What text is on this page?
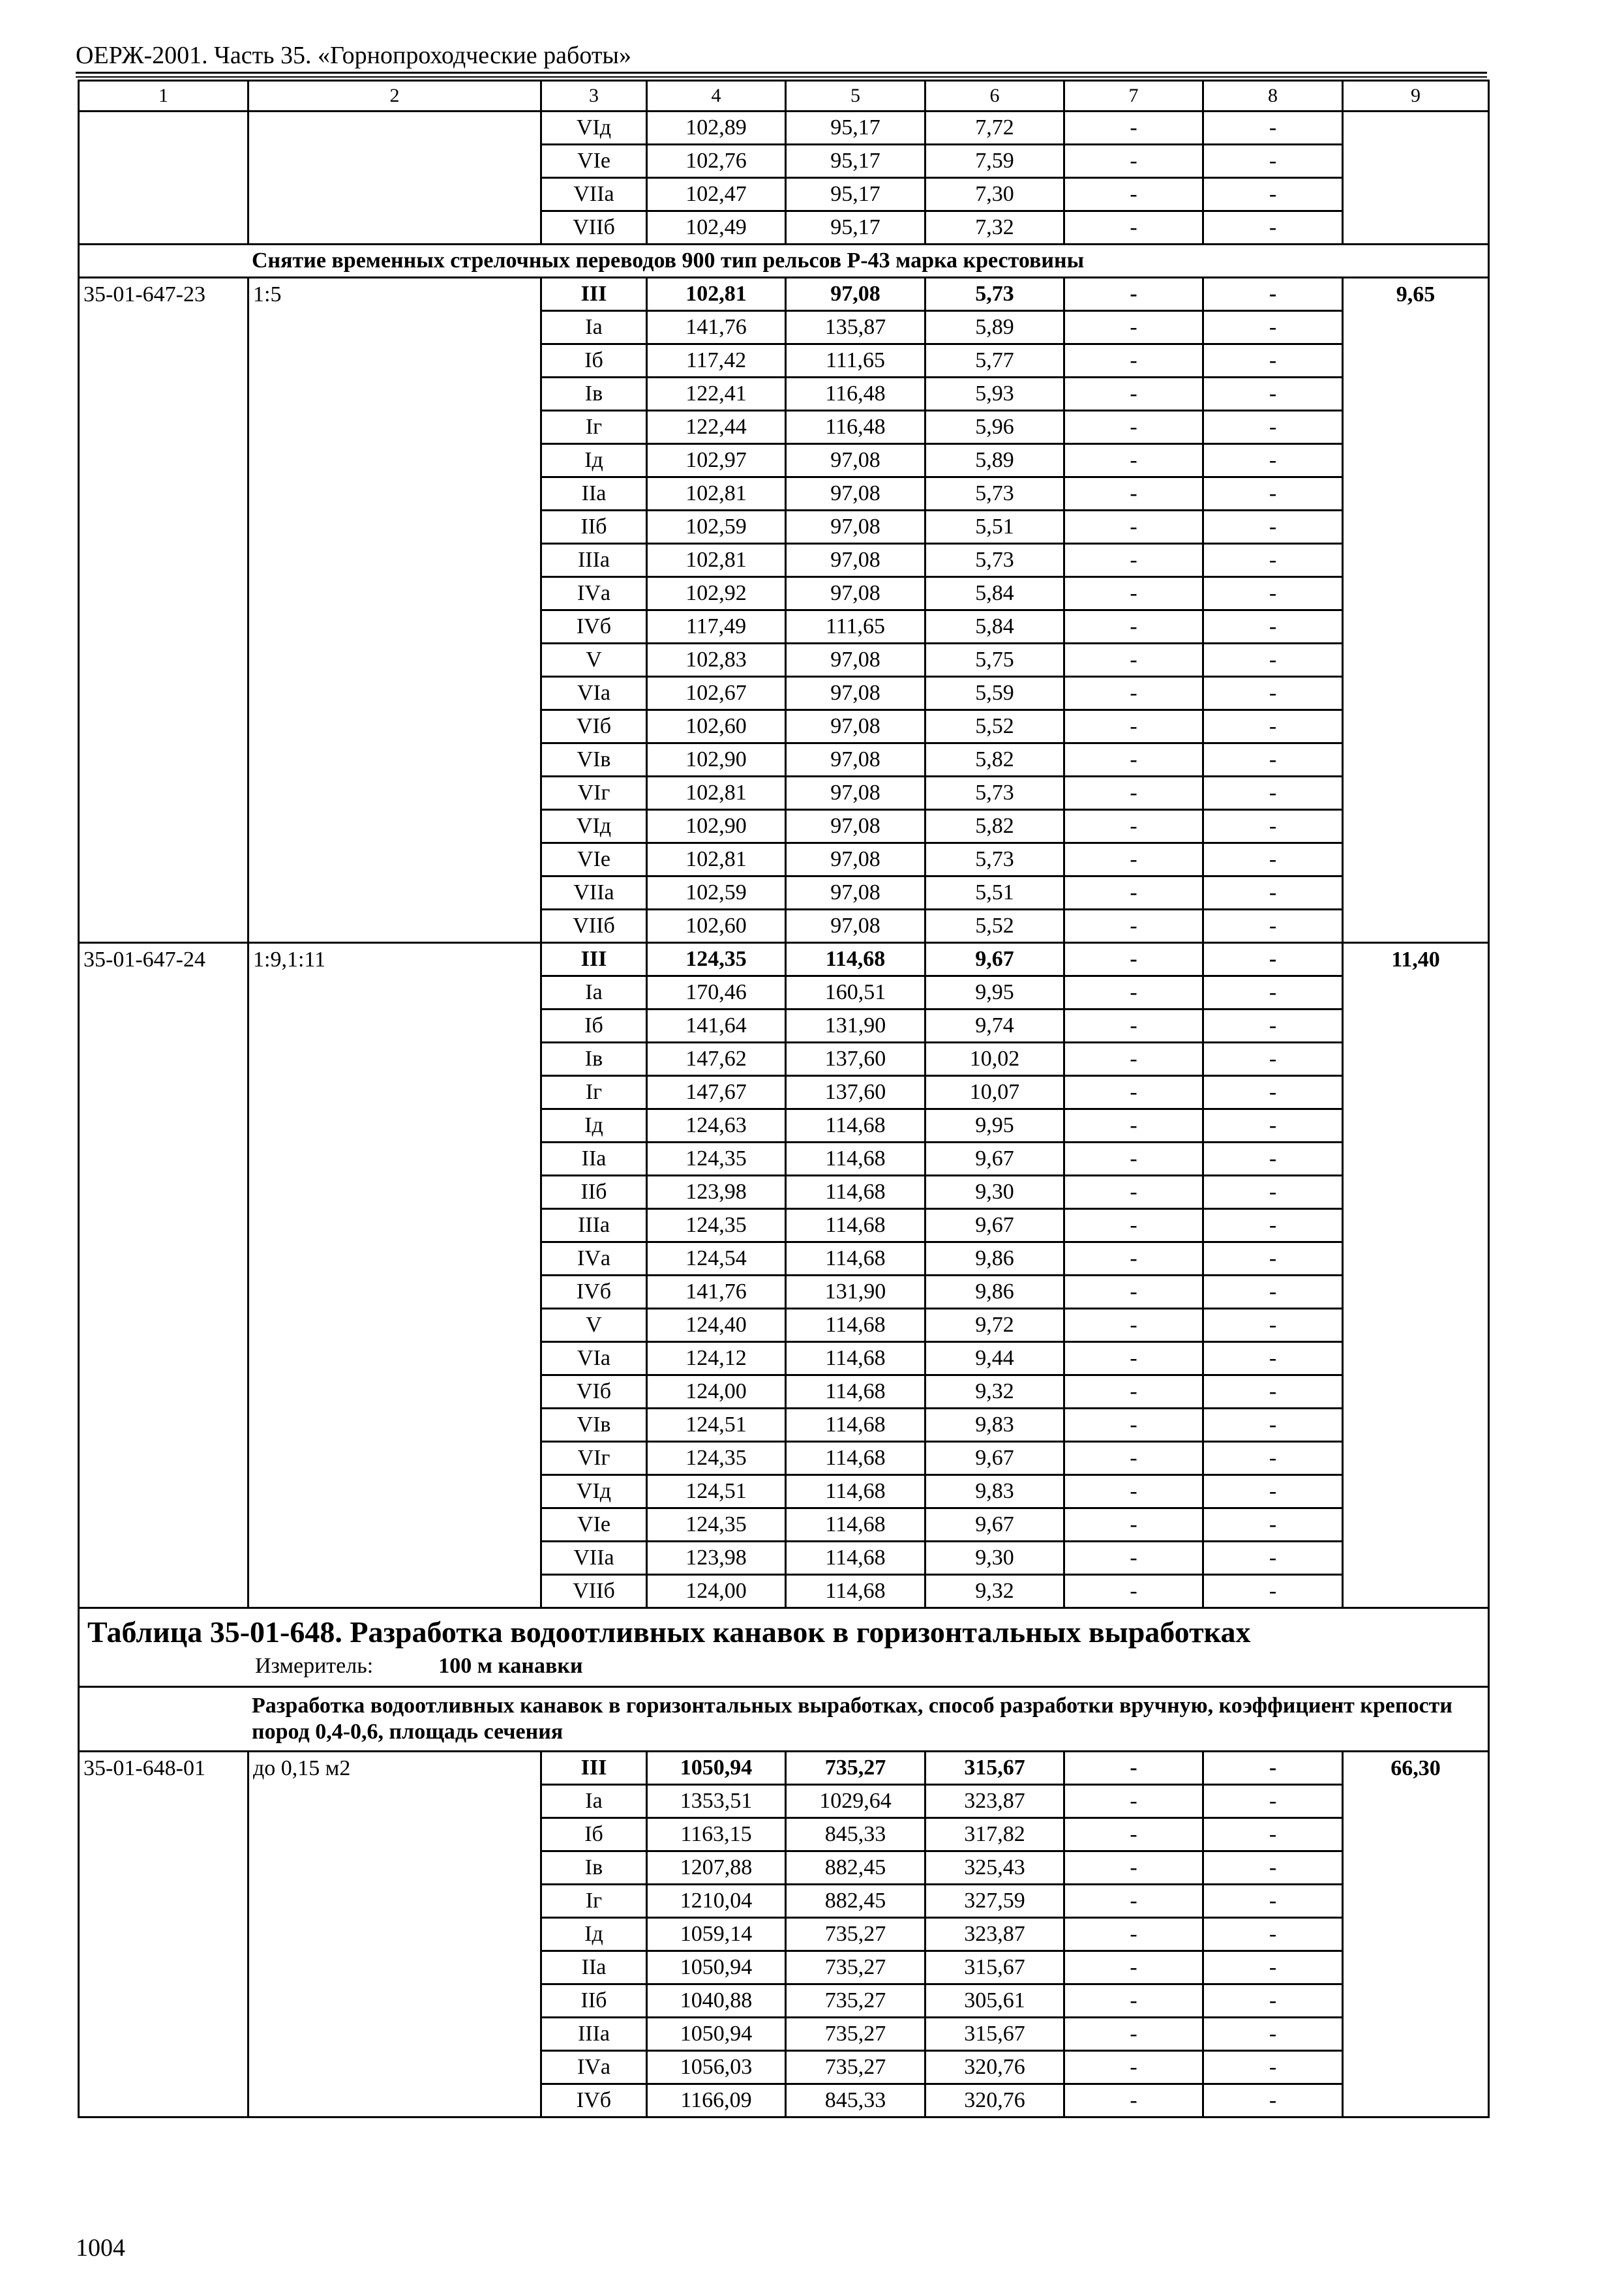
ОЕРЖ-2001. Часть 35. «Горнопроходческие работы»
1	2	3	4	5	6	7	8	9
		VIд	102,89	95,17	7,72	-	-	
		VIе	102,76	95,17	7,59	-	-	
		VIIа	102,47	95,17	7,30	-	-	
		VIIб	102,49	95,17	7,32	-	-	
Снятие временных стрелочных переводов 900 тип рельсов Р-43 марка крестовины								
35-01-647-23	1:5	III	102,81	97,08	5,73	-	-	9,65
		Iа	141,76	135,87	5,89	-	-	
		Iб	117,42	111,65	5,77	-	-	
		Iв	122,41	116,48	5,93	-	-	
		Iг	122,44	116,48	5,96	-	-	
		Iд	102,97	97,08	5,89	-	-	
		IIа	102,81	97,08	5,73	-	-	
		IIб	102,59	97,08	5,51	-	-	
		IIIа	102,81	97,08	5,73	-	-	
		IVа	102,92	97,08	5,84	-	-	
		IVб	117,49	111,65	5,84	-	-	
		V	102,83	97,08	5,75	-	-	
		VIа	102,67	97,08	5,59	-	-	
		VIб	102,60	97,08	5,52	-	-	
		VIв	102,90	97,08	5,82	-	-	
		VIг	102,81	97,08	5,73	-	-	
		VIд	102,90	97,08	5,82	-	-	
		VIе	102,81	97,08	5,73	-	-	
		VIIа	102,59	97,08	5,51	-	-	
		VIIб	102,60	97,08	5,52	-	-	
35-01-647-24	1:9,1:11	III	124,35	114,68	9,67	-	-	11,40
		Iа	170,46	160,51	9,95	-	-	
		Iб	141,64	131,90	9,74	-	-	
		Iв	147,62	137,60	10,02	-	-	
		Iг	147,67	137,60	10,07	-	-	
		Iд	124,63	114,68	9,95	-	-	
		IIа	124,35	114,68	9,67	-	-	
		IIб	123,98	114,68	9,30	-	-	
		IIIа	124,35	114,68	9,67	-	-	
		IVа	124,54	114,68	9,86	-	-	
		IVб	141,76	131,90	9,86	-	-	
		V	124,40	114,68	9,72	-	-	
		VIа	124,12	114,68	9,44	-	-	
		VIб	124,00	114,68	9,32	-	-	
		VIв	124,51	114,68	9,83	-	-	
		VIг	124,35	114,68	9,67	-	-	
		VIд	124,51	114,68	9,83	-	-	
		VIе	124,35	114,68	9,67	-	-	
		VIIа	123,98	114,68	9,30	-	-	
		VIIб	124,00	114,68	9,32	-	-	

Таблица 35-01-648. Разработка водоотливных канавок в горизонтальных выработках
Измеритель: 100 м канавки								

Разработка водоотливных канавок в горизонтальных выработках, способ разработки вручную, коэффициент крепости пород 0,4-0,6, площадь сечения								
35-01-648-01	до 0,15 м2	III	1050,94	735,27	315,67	-	-	66,30
		Iа	1353,51	1029,64	323,87	-	-	
		Iб	1163,15	845,33	317,82	-	-	
		Iв	1207,88	882,45	325,43	-	-	
		Iг	1210,04	882,45	327,59	-	-	
		Iд	1059,14	735,27	323,87	-	-	
		IIа	1050,94	735,27	315,67	-	-	
		IIб	1040,88	735,27	305,61	-	-	
		IIIа	1050,94	735,27	315,67	-	-	
		IVа	1056,03	735,27	320,76	-	-	
		IVб	1166,09	845,33	320,76	-	-	
1004
